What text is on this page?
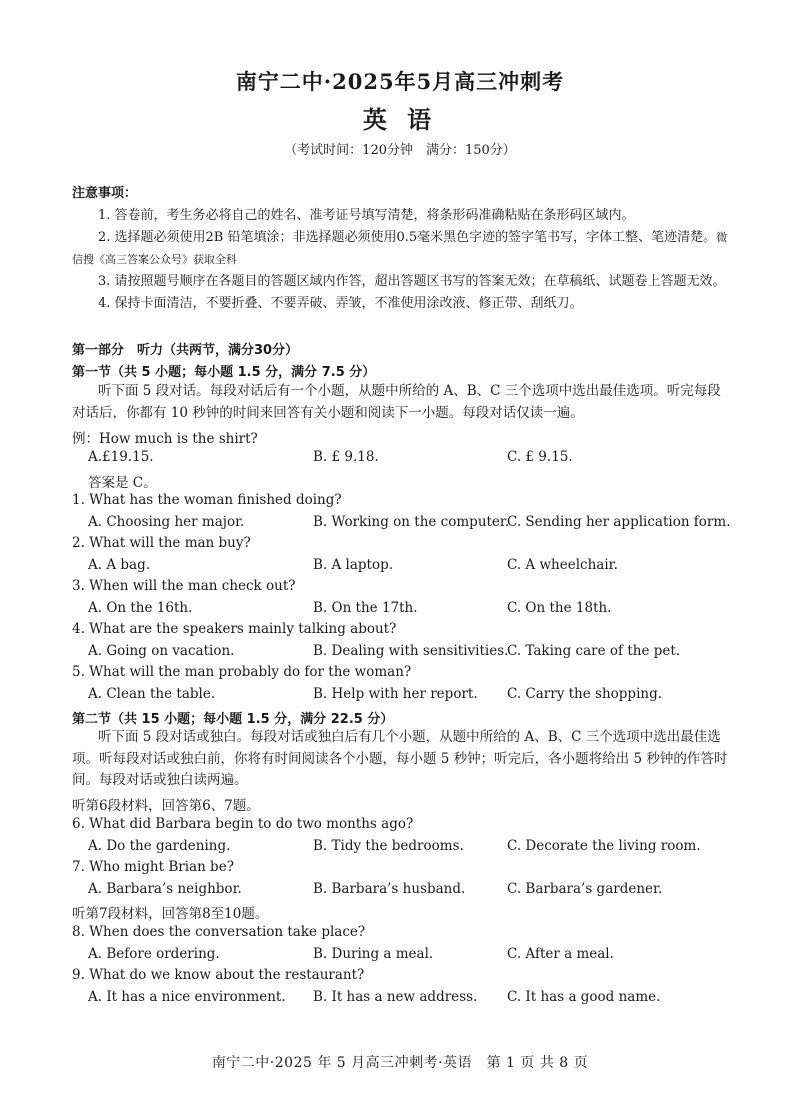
南宁二中·2025年5月高三冲刺考
英 语
（考试时间：120分钟　满分：150分）
注意事项：
1. 答卷前，考生务必将自己的姓名、准考证号填写清楚，将条形码准确粘贴在条形码区域内。
2. 选择题必须使用2B 铅笔填涂；非选择题必须使用0.5毫米黑色字迹的签字笔书写，字体工整、笔迹清楚。微信搜《高三答案公众号》获取全科
3. 请按照题号顺序在各题目的答题区域内作答，超出答题区书写的答案无效；在草稿纸、试题卷上答题无效。
4. 保持卡面清洁，不要折叠、不要弄破、弄皱，不准使用涂改液、修正带、刮纸刀。
第一部分　听力（共两节，满分30分）
第一节（共 5 小题；每小题 1.5 分，满分 7.5 分）
听下面 5 段对话。每段对话后有一个小题，从题中所给的 A、B、C 三个选项中选出最佳选项。听完每段对话后，你都有 10 秒钟的时间来回答有关小题和阅读下一小题。每段对话仅读一遍。
例：How much is the shirt?
A.£19.15.	B. £ 9.18.	C. £ 9.15.
答案是 C。
1. What has the woman finished doing?
A. Choosing her major.	B. Working on the computer.
C. Sending her application form.
2. What will the man buy?
A. A bag.	B. A laptop.	C. A wheelchair.
3. When will the man check out?
A. On the 16th.	B. On the 17th.	C. On the 18th.
4. What are the speakers mainly talking about?
A. Going on vacation.	B. Dealing with sensitivities.
C. Taking care of the pet.
5. What will the man probably do for the woman?
A. Clean the table.	B. Help with her report. C. Carry the shopping.
第二节（共 15 小题；每小题 1.5 分，满分 22.5 分）
听下面 5 段对话或独白。每段对话或独白后有几个小题，从题中所给的 A、B、C 三个选项中选出最佳选项。听每段对话或独白前，你将有时间阅读各个小题，每小题 5 秒钟；听完后，各小题将给出 5 秒钟的作答时间。每段对话或独白读两遍。
听第6段材料，回答第6、7题。
6. What did Barbara begin to do two months ago?
A. Do the gardening.	B. Tidy the bedrooms.	C. Decorate the living room.
7. Who might Brian be?
A. Barbara’s neighbor.	B. Barbara’s husband.	C. Barbara’s gardener.
听第7段材料，回答第8至10题。
8. When does the conversation take place?
A. Before ordering.	B. During a meal.	C. After a meal.
9. What do we know about the restaurant?
A. It has a nice environment. B. It has a new address. C. It has a good name.
南宁二中·2025 年 5 月高三冲刺考·英语　第 1 页 共 8 页
